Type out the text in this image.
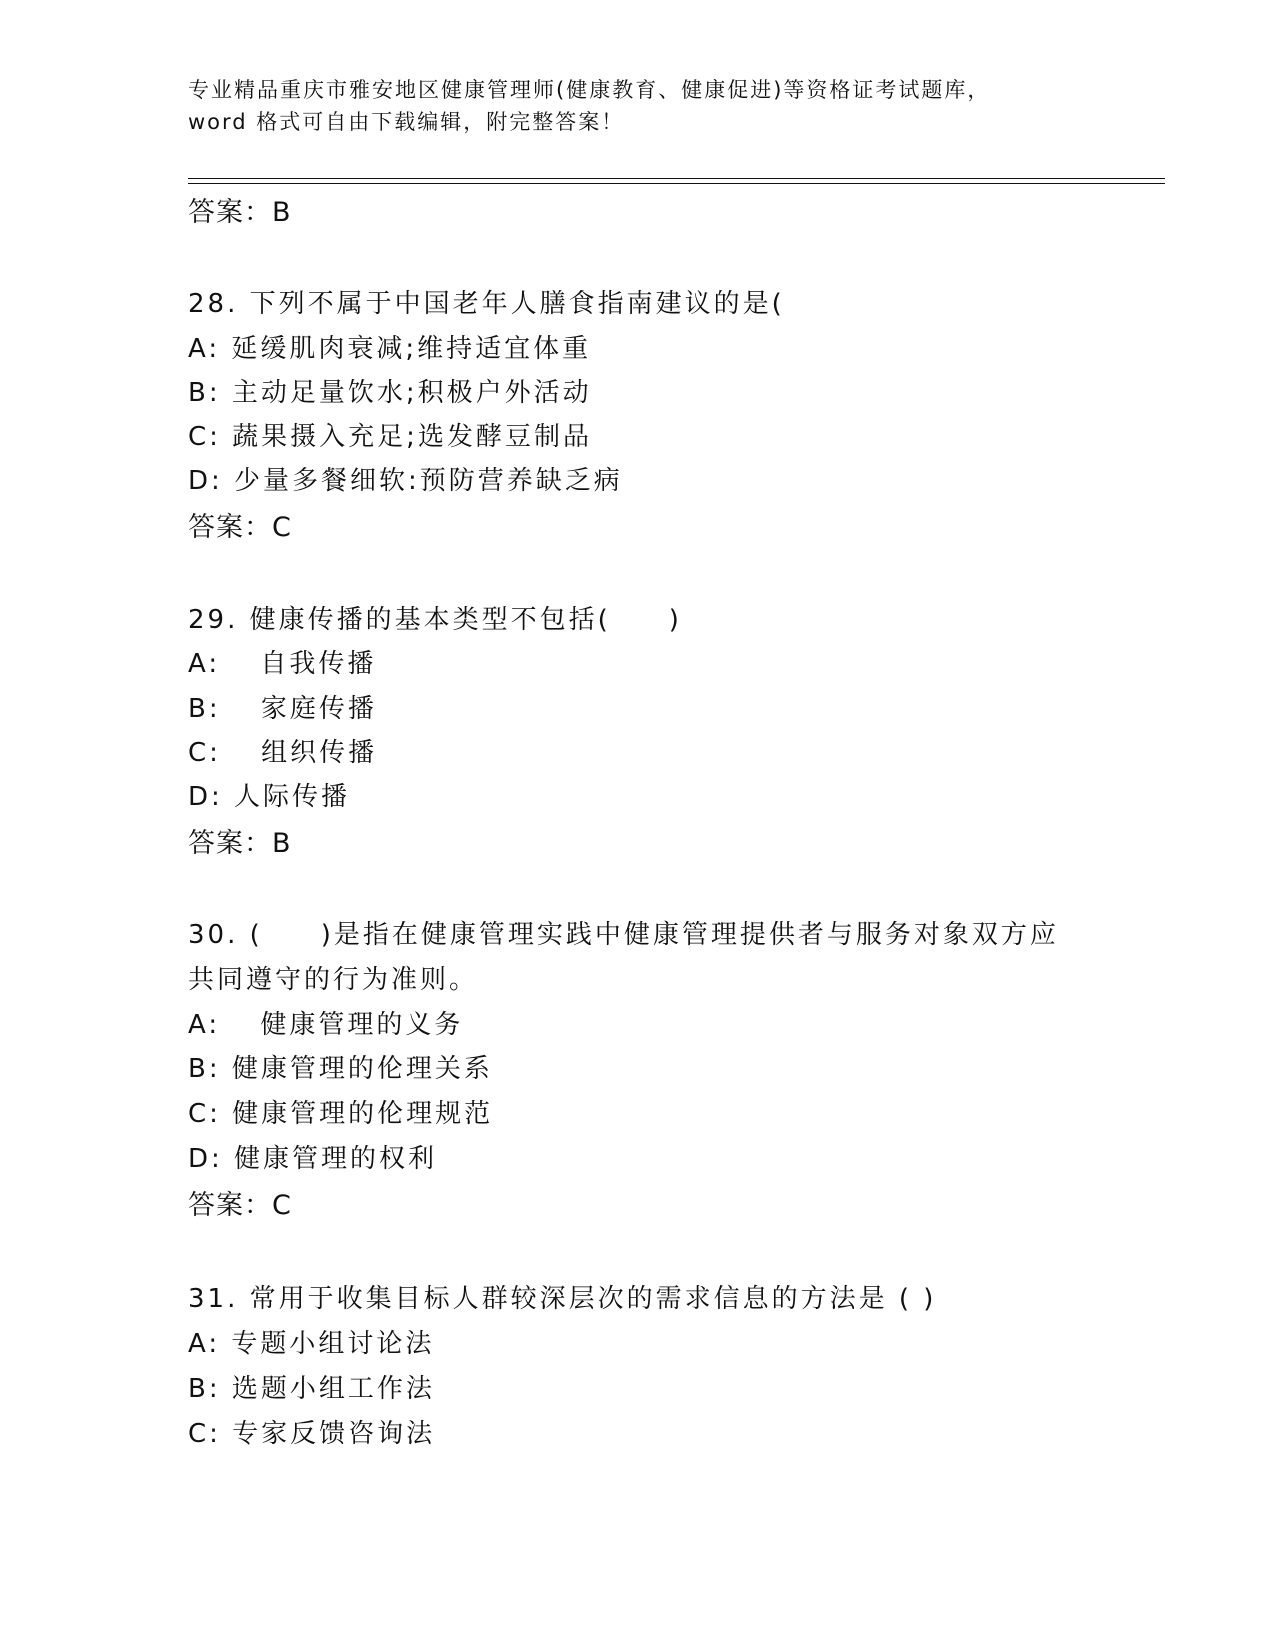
专业精品重庆市雅安地区健康管理师(健康教育、健康促进)等资格证考试题库，
word 格式可自由下载编辑，附完整答案！
答案：B
28. 下列不属于中国老年人膳食指南建议的是(
A: 延缓肌肉衰减;维持适宜体重
B: 主动足量饮水;积极户外活动
C: 蔬果摄入充足;选发酵豆制品
D: 少量多餐细软:预防营养缺乏病
答案：C
29. 健康传播的基本类型不包括(　　)
A: 　自我传播
B: 　家庭传播
C: 　组织传播
D: 人际传播
答案：B
30. (　　)是指在健康管理实践中健康管理提供者与服务对象双方应
共同遵守的行为准则。
A: 　健康管理的义务
B: 健康管理的伦理关系
C: 健康管理的伦理规范
D: 健康管理的权利
答案：C
31. 常用于收集目标人群较深层次的需求信息的方法是 ( )
A: 专题小组讨论法
B: 选题小组工作法
C: 专家反馈咨询法
